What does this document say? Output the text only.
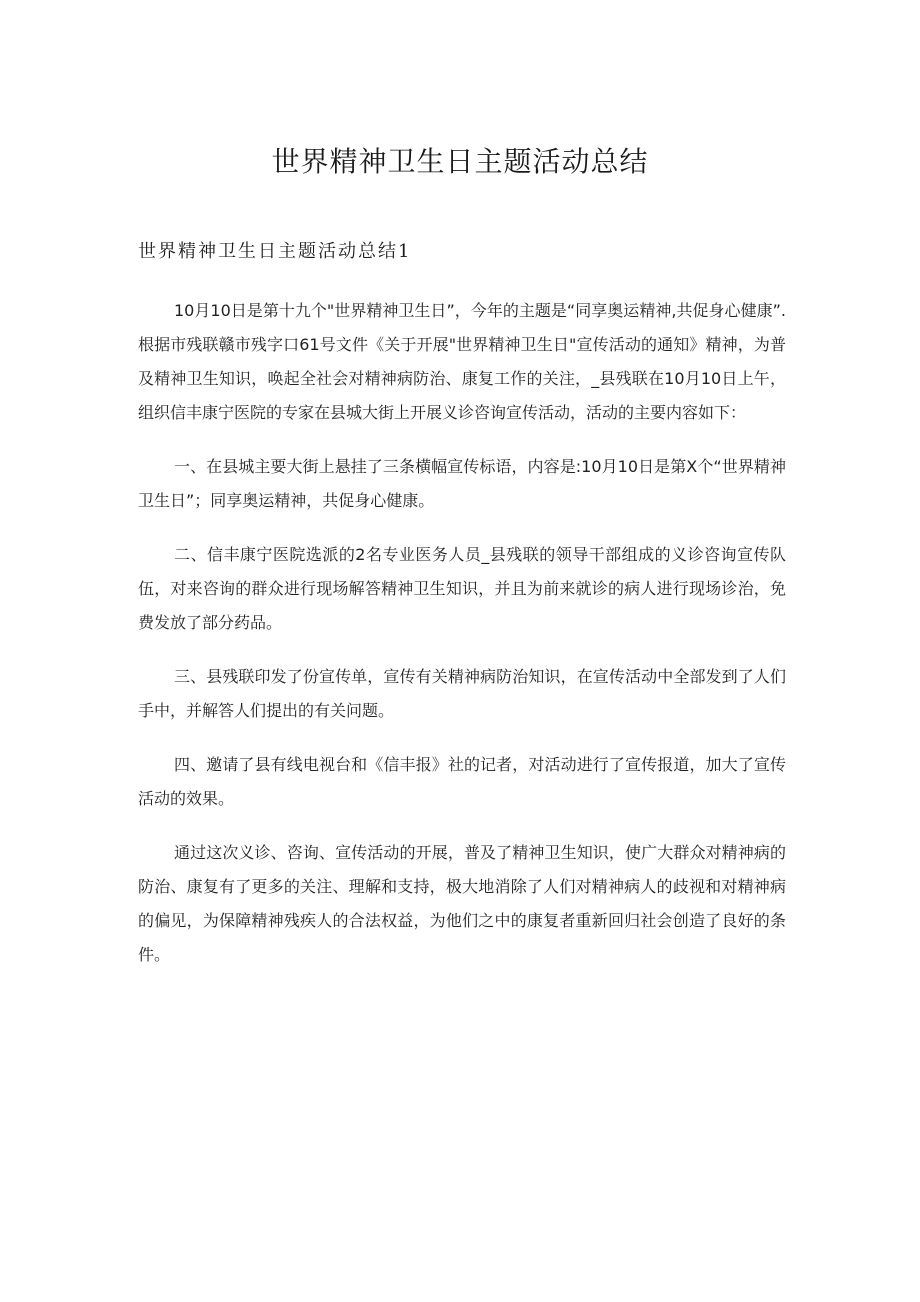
世界精神卫生日主题活动总结
世界精神卫生日主题活动总结1

10月10日是第十九个"世界精神卫生日”，今年的主题是“同享奥运精神,共促身心健康”.根据市残联赣市残字口61号文件《关于开展"世界精神卫生日"宣传活动的通知》精神，为普及精神卫生知识，唤起全社会对精神病防治、康复工作的关注，_县残联在10月10日上午，组织信丰康宁医院的专家在县城大街上开展义诊咨询宣传活动，活动的主要内容如下：

一、在县城主要大街上悬挂了三条横幅宣传标语，内容是:10月10日是第X个“世界精神卫生日”；同享奥运精神，共促身心健康。

二、信丰康宁医院选派的2名专业医务人员_县残联的领导干部组成的义诊咨询宣传队伍，对来咨询的群众进行现场解答精神卫生知识，并且为前来就诊的病人进行现场诊治，免费发放了部分药品。

三、县残联印发了份宣传单，宣传有关精神病防治知识，在宣传活动中全部发到了人们手中，并解答人们提出的有关问题。

四、邀请了县有线电视台和《信丰报》社的记者，对活动进行了宣传报道，加大了宣传活动的效果。

通过这次义诊、咨询、宣传活动的开展，普及了精神卫生知识，使广大群众对精神病的防治、康复有了更多的关注、理解和支持，极大地消除了人们对精神病人的歧视和对精神病的偏见，为保障精神残疾人的合法权益，为他们之中的康复者重新回归社会创造了良好的条件。
